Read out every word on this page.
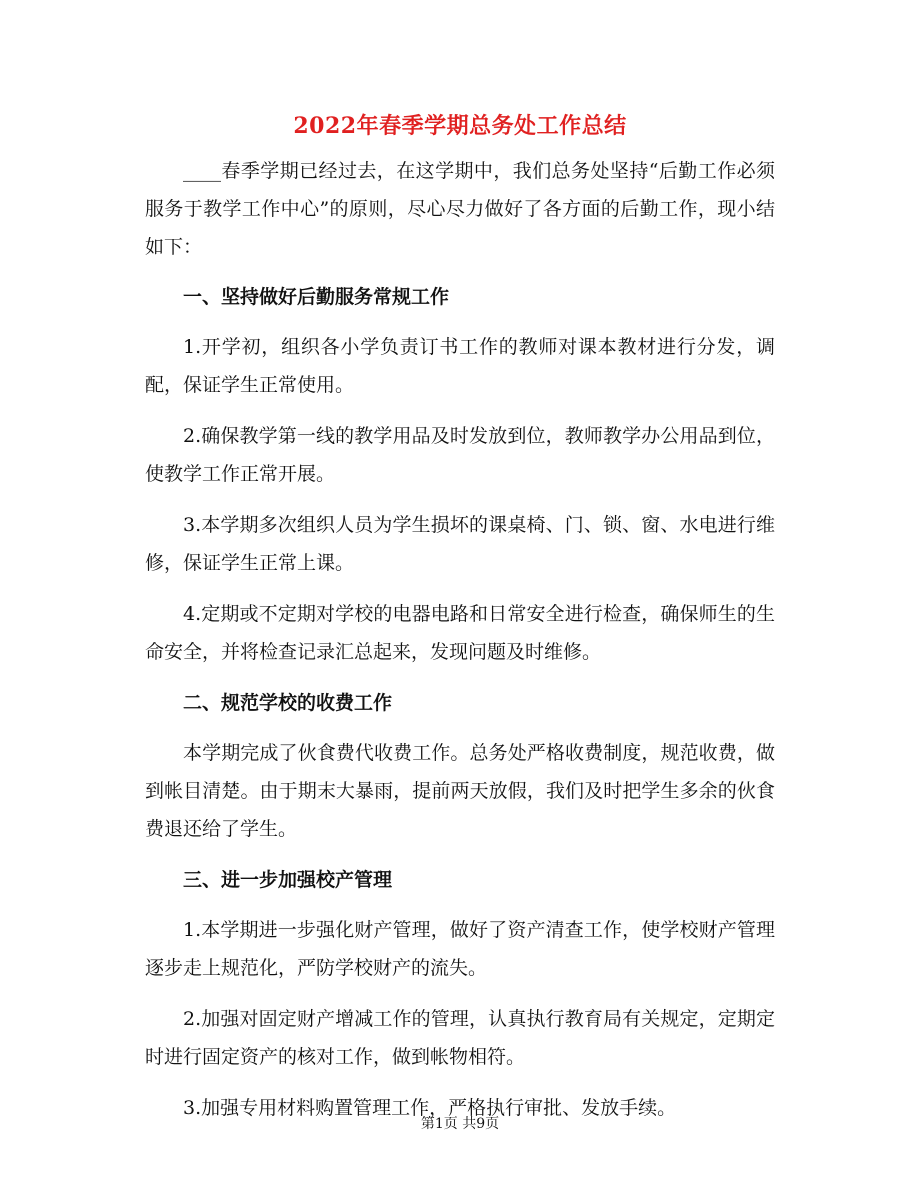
2022年春季学期总务处工作总结

____春季学期已经过去，在这学期中，我们总务处坚持“后勤工作必须服务于教学工作中心”的原则，尽心尽力做好了各方面的后勤工作，现小结如下：

一、坚持做好后勤服务常规工作

1.开学初，组织各小学负责订书工作的教师对课本教材进行分发，调配，保证学生正常使用。

2.确保教学第一线的教学用品及时发放到位，教师教学办公用品到位，使教学工作正常开展。

3.本学期多次组织人员为学生损坏的课桌椅、门、锁、窗、水电进行维修，保证学生正常上课。

4.定期或不定期对学校的电器电路和日常安全进行检查，确保师生的生命安全，并将检查记录汇总起来，发现问题及时维修。

二、规范学校的收费工作

本学期完成了伙食费代收费工作。总务处严格收费制度，规范收费，做到帐目清楚。由于期末大暴雨，提前两天放假，我们及时把学生多余的伙食费退还给了学生。

三、进一步加强校产管理

1.本学期进一步强化财产管理，做好了资产清查工作，使学校财产管理逐步走上规范化，严防学校财产的流失。

2.加强对固定财产增减工作的管理，认真执行教育局有关规定，定期定时进行固定资产的核对工作，做到帐物相符。

3.加强专用材料购置管理工作，严格执行审批、发放手续。

第1页 共9页
